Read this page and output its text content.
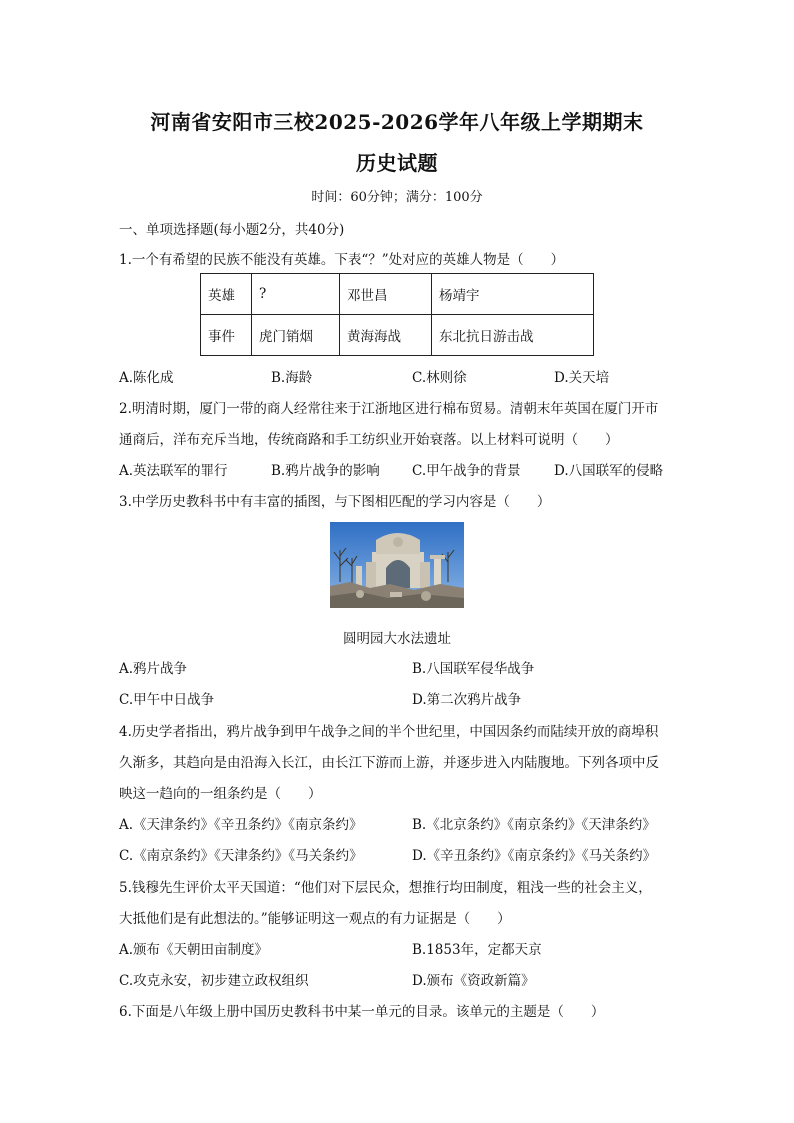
河南省安阳市三校2025-2026学年八年级上学期期末
历史试题
时间：60分钟；满分：100分
一、单项选择题(每小题2分，共40分)
1.一个有希望的民族不能没有英雄。下表“？”处对应的英雄人物是（　　）
英雄	?	邓世昌	杨靖宇
事件	虎门销烟	黄海海战	东北抗日游击战
A.陈化成	B.海龄	C.林则徐	D.关天培
2.明清时期，厦门一带的商人经常往来于江浙地区进行棉布贸易。清朝末年英国在厦门开市
通商后，洋布充斥当地，传统商路和手工纺织业开始衰落。以上材料可说明（　　）
A.英法联军的罪行	B.鸦片战争的影响 C.甲午战争的背景 D.八国联军的侵略
3.中学历史教科书中有丰富的插图，与下图相匹配的学习内容是（　　）
圆明园大水法遗址
A.鸦片战争	B.八国联军侵华战争
C.甲午中日战争	D.第二次鸦片战争
4.历史学者指出，鸦片战争到甲午战争之间的半个世纪里，中国因条约而陆续开放的商埠积
久渐多，其趋向是由沿海入长江，由长江下游而上游，并逐步进入内陆腹地。下列各项中反
映这一趋向的一组条约是（　　）
A.《天津条约》《辛丑条约》《南京条约》	B.《北京条约》《南京条约》《天津条约》
C.《南京条约》《天津条约》《马关条约》	D.《辛丑条约》《南京条约》《马关条约》
5.钱穆先生评价太平天国道：“他们对下层民众，想推行均田制度，粗浅一些的社会主义，
大抵他们是有此想法的。”能够证明这一观点的有力证据是（　　）
A.颁布《天朝田亩制度》	B.1853年，定都天京
C.攻克永安，初步建立政权组织	D.颁布《资政新篇》
6.下面是八年级上册中国历史教科书中某一单元的目录。该单元的主题是（　　）
